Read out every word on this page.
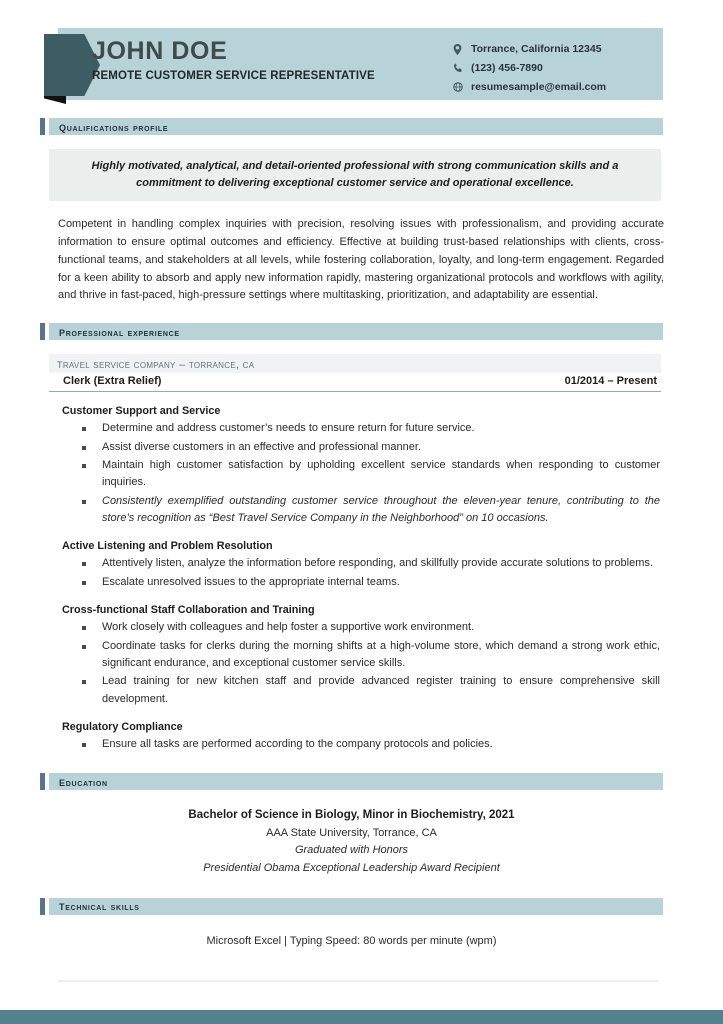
JOHN DOE
REMOTE CUSTOMER SERVICE REPRESENTATIVE
Torrance, California 12345
(123) 456-7890
resumesample@email.com
qualifications profile
Highly motivated, analytical, and detail-oriented professional with strong communication skills and a commitment to delivering exceptional customer service and operational excellence.
Competent in handling complex inquiries with precision, resolving issues with professionalism, and providing accurate information to ensure optimal outcomes and efficiency. Effective at building trust-based relationships with clients, cross-functional teams, and stakeholders at all levels, while fostering collaboration, loyalty, and long-term engagement. Regarded for a keen ability to absorb and apply new information rapidly, mastering organizational protocols and workflows with agility, and thrive in fast-paced, high-pressure settings where multitasking, prioritization, and adaptability are essential.
professional experience
travel service company – torrance, ca
Clerk (Extra Relief)	01/2014 – Present
Customer Support and Service
Determine and address customer’s needs to ensure return for future service.
Assist diverse customers in an effective and professional manner.
Maintain high customer satisfaction by upholding excellent service standards when responding to customer inquiries.
Consistently exemplified outstanding customer service throughout the eleven-year tenure, contributing to the store’s recognition as “Best Travel Service Company in the Neighborhood” on 10 occasions.
Active Listening and Problem Resolution
Attentively listen, analyze the information before responding, and skillfully provide accurate solutions to problems.
Escalate unresolved issues to the appropriate internal teams.
Cross-functional Staff Collaboration and Training
Work closely with colleagues and help foster a supportive work environment.
Coordinate tasks for clerks during the morning shifts at a high-volume store, which demand a strong work ethic, significant endurance, and exceptional customer service skills.
Lead training for new kitchen staff and provide advanced register training to ensure comprehensive skill development.
Regulatory Compliance
Ensure all tasks are performed according to the company protocols and policies.
education
Bachelor of Science in Biology, Minor in Biochemistry, 2021
AAA State University, Torrance, CA
Graduated with Honors
Presidential Obama Exceptional Leadership Award Recipient
technical skills
Microsoft Excel | Typing Speed: 80 words per minute (wpm)
